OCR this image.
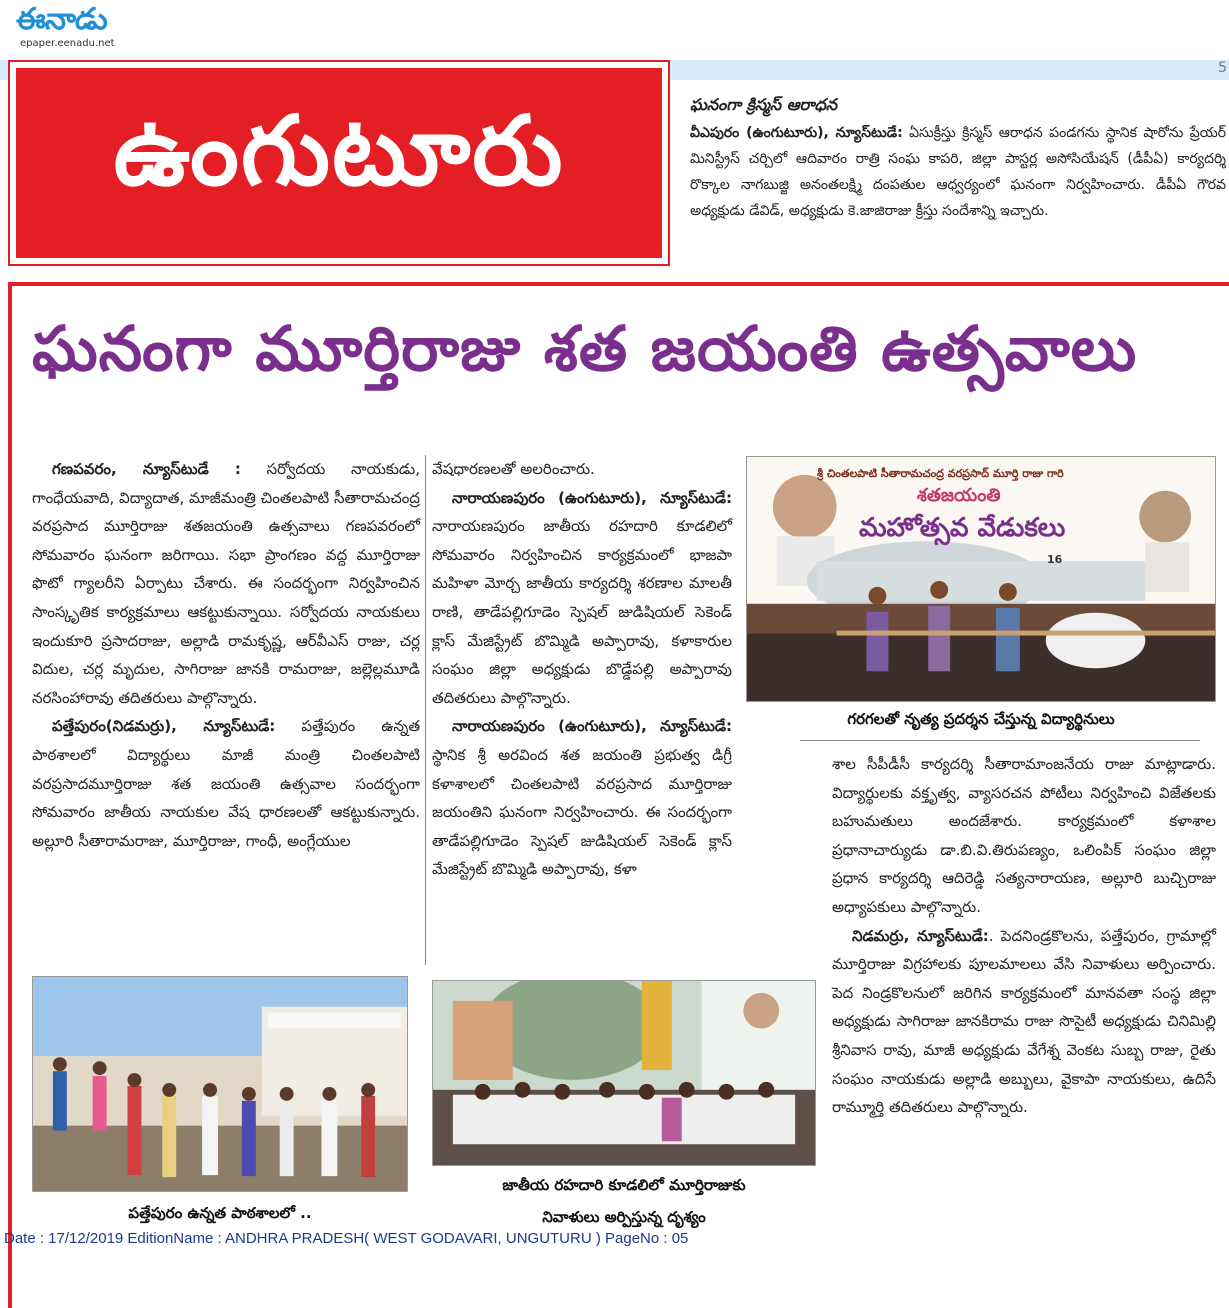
ఈనాడు
epaper.eenadu.net
5
ఉంగుటూరు	ఘనంగా క్రిస్మస్ ఆరాధన

వీఎపురం (ఉంగుటూరు), న్యూస్‌టుడే: ఏసుక్రీస్తు క్రిస్మస్ ఆరాధన పండగను స్థానిక షారోను ప్రేయర్ మినిస్ట్రీస్ చర్చిలో ఆదివారం రాత్రి సంఘ కాపరి, జిల్లా పాస్టర్ల అసోసియేషన్ (డీపీఏ) కార్యదర్శి రొక్కాల నాగబుజ్జి అనంతలక్ష్మి దంపతుల ఆధ్వర్యంలో ఘనంగా నిర్వహించారు. డీపీఏ గౌరవ అధ్యక్షుడు డేవిడ్, అధ్యక్షుడు కె.జాజిరాజు క్రీస్తు సందేశాన్ని ఇచ్చారు.

ఘనంగా మూర్తిరాజు శత జయంతి ఉత్సవాలు

గణపవరం, న్యూస్‌టుడే : సర్వోదయ నాయకుడు, గాంధేయవాది, విద్యాదాత, మాజీమంత్రి చింతలపాటి సీతారామచంద్ర వరప్రసాద మూర్తిరాజు శతజయంతి ఉత్సవాలు గణపవరంలో సోమవారం ఘనంగా జరిగాయి. సభా ప్రాంగణం వద్ద మూర్తిరాజు ఫొటో గ్యాలరీని ఏర్పాటు చేశారు. ఈ సందర్భంగా నిర్వహించిన సాంస్కృతిక కార్యక్రమాలు ఆకట్టుకున్నాయి. సర్వోదయ నాయకులు ఇందుకూరి ప్రసాదరాజు, అల్లాడి రామకృష్ణ, ఆర్‌వీఎస్ రాజు, చర్ల విదుల, చర్ల మృదుల, సాగిరాజు జానకి రామరాజు, జల్లెల్లమూడి నరసింహారావు తదితరులు పాల్గొన్నారు.

పత్తేపురం(నిడమర్రు), న్యూస్‌టుడే: పత్తేపురం ఉన్నత పాఠశాలలో విద్యార్థులు మాజీ మంత్రి చింతలపాటి వరప్రసాదమూర్తిరాజు శత జయంతి ఉత్సవాల సందర్భంగా సోమవారం జాతీయ నాయకుల వేష ధారణలతో ఆకట్టుకున్నారు. అల్లూరి సీతారామరాజు, మూర్తిరాజు, గాంధీ, అంగ్లేయుల

వేషధారణలతో అలరించారు.

నారాయణపురం (ఉంగుటూరు), న్యూస్‌టుడే: నారాయణపురం జాతీయ రహదారి కూడలిలో సోమవారం నిర్వహించిన కార్యక్రమంలో భాజపా మహిళా మోర్చ జాతీయ కార్యదర్శి శరణాల మాలతీ రాణి, తాడేపల్లిగూడెం స్పెషల్ జుడిషియల్ సెకెండ్ క్లాస్ మేజిస్ట్రేట్ బొమ్మిడి అప్పారావు, కళాకారుల సంఘం జిల్లా అధ్యక్షుడు బొడ్డేపల్లి అప్పారావు తదితరులు పాల్గొన్నారు.

నారాయణపురం (ఉంగుటూరు), న్యూస్‌టుడే: స్థానిక శ్రీ అరవింద శత జయంతి ప్రభుత్వ డిగ్రీ కళాశాలలో చింతలపాటి వరప్రసాద మూర్తిరాజు జయంతిని ఘనంగా నిర్వహించారు. ఈ సందర్భంగా తాడేపల్లిగూడెం స్పెషల్ జుడిషియల్ సెకెండ్ క్లాస్ మేజిస్ట్రేట్ బొమ్మిడి అప్పారావు, కళా

శాల సీపీడీసీ కార్యదర్శి సీతారామాంజనేయ రాజు మాట్లాడారు. విద్యార్థులకు వక్తృత్వ, వ్యాసరచన పోటీలు నిర్వహించి విజేతలకు బహుమతులు అందజేశారు. కార్యక్రమంలో కళాశాల ప్రధానాచార్యుడు డా.బి.వి.తిరుపణ్యం, ఒలింపిక్ సంఘం జిల్లా ప్రధాన కార్యదర్శి ఆదిరెడ్డి సత్యనారాయణ, అల్లూరి బుచ్చిరాజు అధ్యాపకులు పాల్గొన్నారు.

నిడమర్రు, న్యూస్‌టుడే:. పెదనిండ్రకొలను, పత్తేపురం, గ్రామాల్లో మూర్తిరాజు విగ్రహాలకు పూలమాలలు వేసి నివాళులు అర్పించారు. పెద నిండ్రకొలనులో జరిగిన కార్యక్రమంలో మానవతా సంస్థ జిల్లా అధ్యక్షుడు సాగిరాజు జానకిరామ రాజు సొసైటీ అధ్యక్షుడు చినిమిల్లి శ్రీనివాస రావు, మాజీ అధ్యక్షుడు వేగేశ్న వెంకట సుబ్బ రాజు, రైతు సంఘం నాయకుడు అల్లాడి అబ్బులు, వైకాపా నాయకులు, ఉదిసే రామ్మూర్తి తదితరులు పాల్గొన్నారు.

శ్రీ చింతలపాటి సీతారామచంద్ర వరప్రసాద్ మూర్తి రాజు గారి
శతజయంతి
మహోత్సవ వేడుకలు
16
గరగలతో నృత్య ప్రదర్శన చేస్తున్న విద్యార్థినులు
పత్తేపురం ఉన్నత పాఠశాలలో ..
జాతీయ రహదారి కూడలిలో మూర్తిరాజుకు
నివాళులు అర్పిస్తున్న దృశ్యం
Date : 17/12/2019 EditionName : ANDHRA PRADESH( WEST GODAVARI, UNGUTURU ) PageNo : 05
